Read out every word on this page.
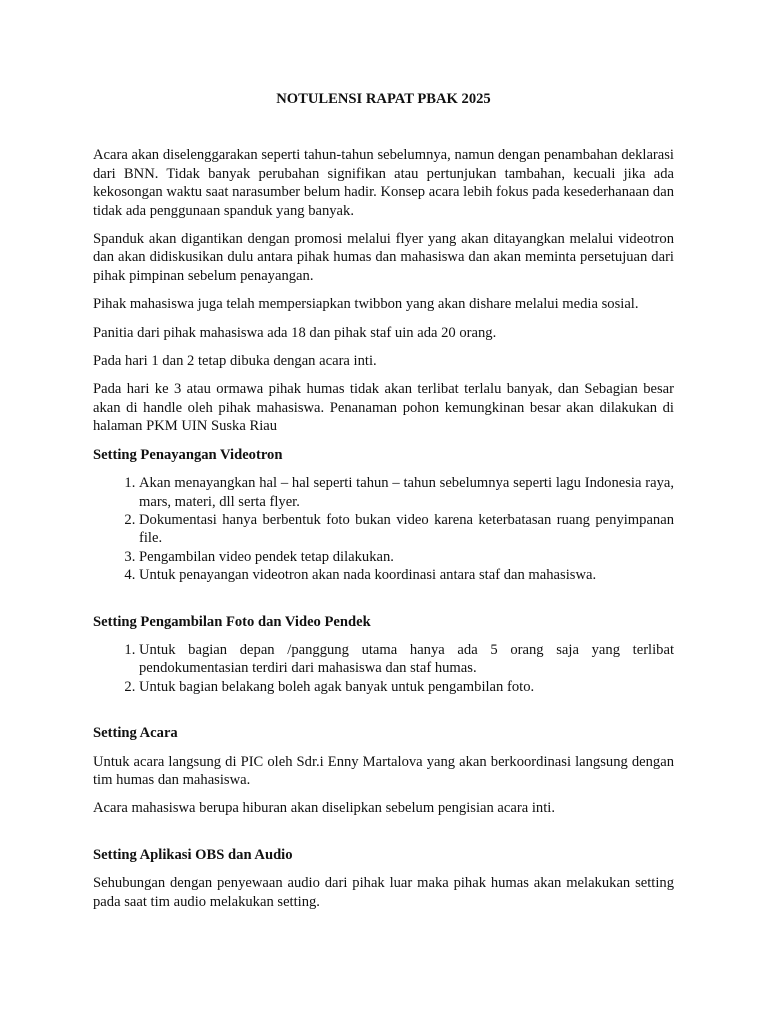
NOTULENSI RAPAT PBAK 2025

Acara akan diselenggarakan seperti tahun-tahun sebelumnya, namun dengan penambahan deklarasi dari BNN. Tidak banyak perubahan signifikan atau pertunjukan tambahan, kecuali jika ada kekosongan waktu saat narasumber belum hadir. Konsep acara lebih fokus pada kesederhanaan dan tidak ada penggunaan spanduk yang banyak.

Spanduk akan digantikan dengan promosi melalui flyer yang akan ditayangkan melalui videotron dan akan didiskusikan dulu antara pihak humas dan mahasiswa dan akan meminta persetujuan dari pihak pimpinan sebelum penayangan.

Pihak mahasiswa juga telah mempersiapkan twibbon yang akan dishare melalui media sosial.

Panitia dari pihak mahasiswa ada 18 dan pihak staf uin ada 20 orang.

Pada hari 1 dan 2 tetap dibuka dengan acara inti.

Pada hari ke 3 atau ormawa pihak humas tidak akan terlibat terlalu banyak, dan Sebagian besar akan di handle oleh pihak mahasiswa. Penanaman pohon kemungkinan besar akan dilakukan di halaman PKM UIN Suska Riau

Setting Penayangan Videotron
1. Akan menayangkan hal – hal seperti tahun – tahun sebelumnya seperti lagu Indonesia raya, mars, materi, dll serta flyer.
2. Dokumentasi hanya berbentuk foto bukan video karena keterbatasan ruang penyimpanan file.
3. Pengambilan video pendek tetap dilakukan.
4. Untuk penayangan videotron akan nada koordinasi antara staf dan mahasiswa.
Setting Pengambilan Foto dan Video Pendek
1. Untuk bagian depan /panggung utama hanya ada 5 orang saja yang terlibat pendokumentasian terdiri dari mahasiswa dan staf humas.
2. Untuk bagian belakang boleh agak banyak untuk pengambilan foto.
Setting Acara

Untuk acara langsung di PIC oleh Sdr.i Enny Martalova yang akan berkoordinasi langsung dengan tim humas dan mahasiswa.

Acara mahasiswa berupa hiburan akan diselipkan sebelum pengisian acara inti.

Setting Aplikasi OBS dan Audio

Sehubungan dengan penyewaan audio dari pihak luar maka pihak humas akan melakukan setting pada saat tim audio melakukan setting.
